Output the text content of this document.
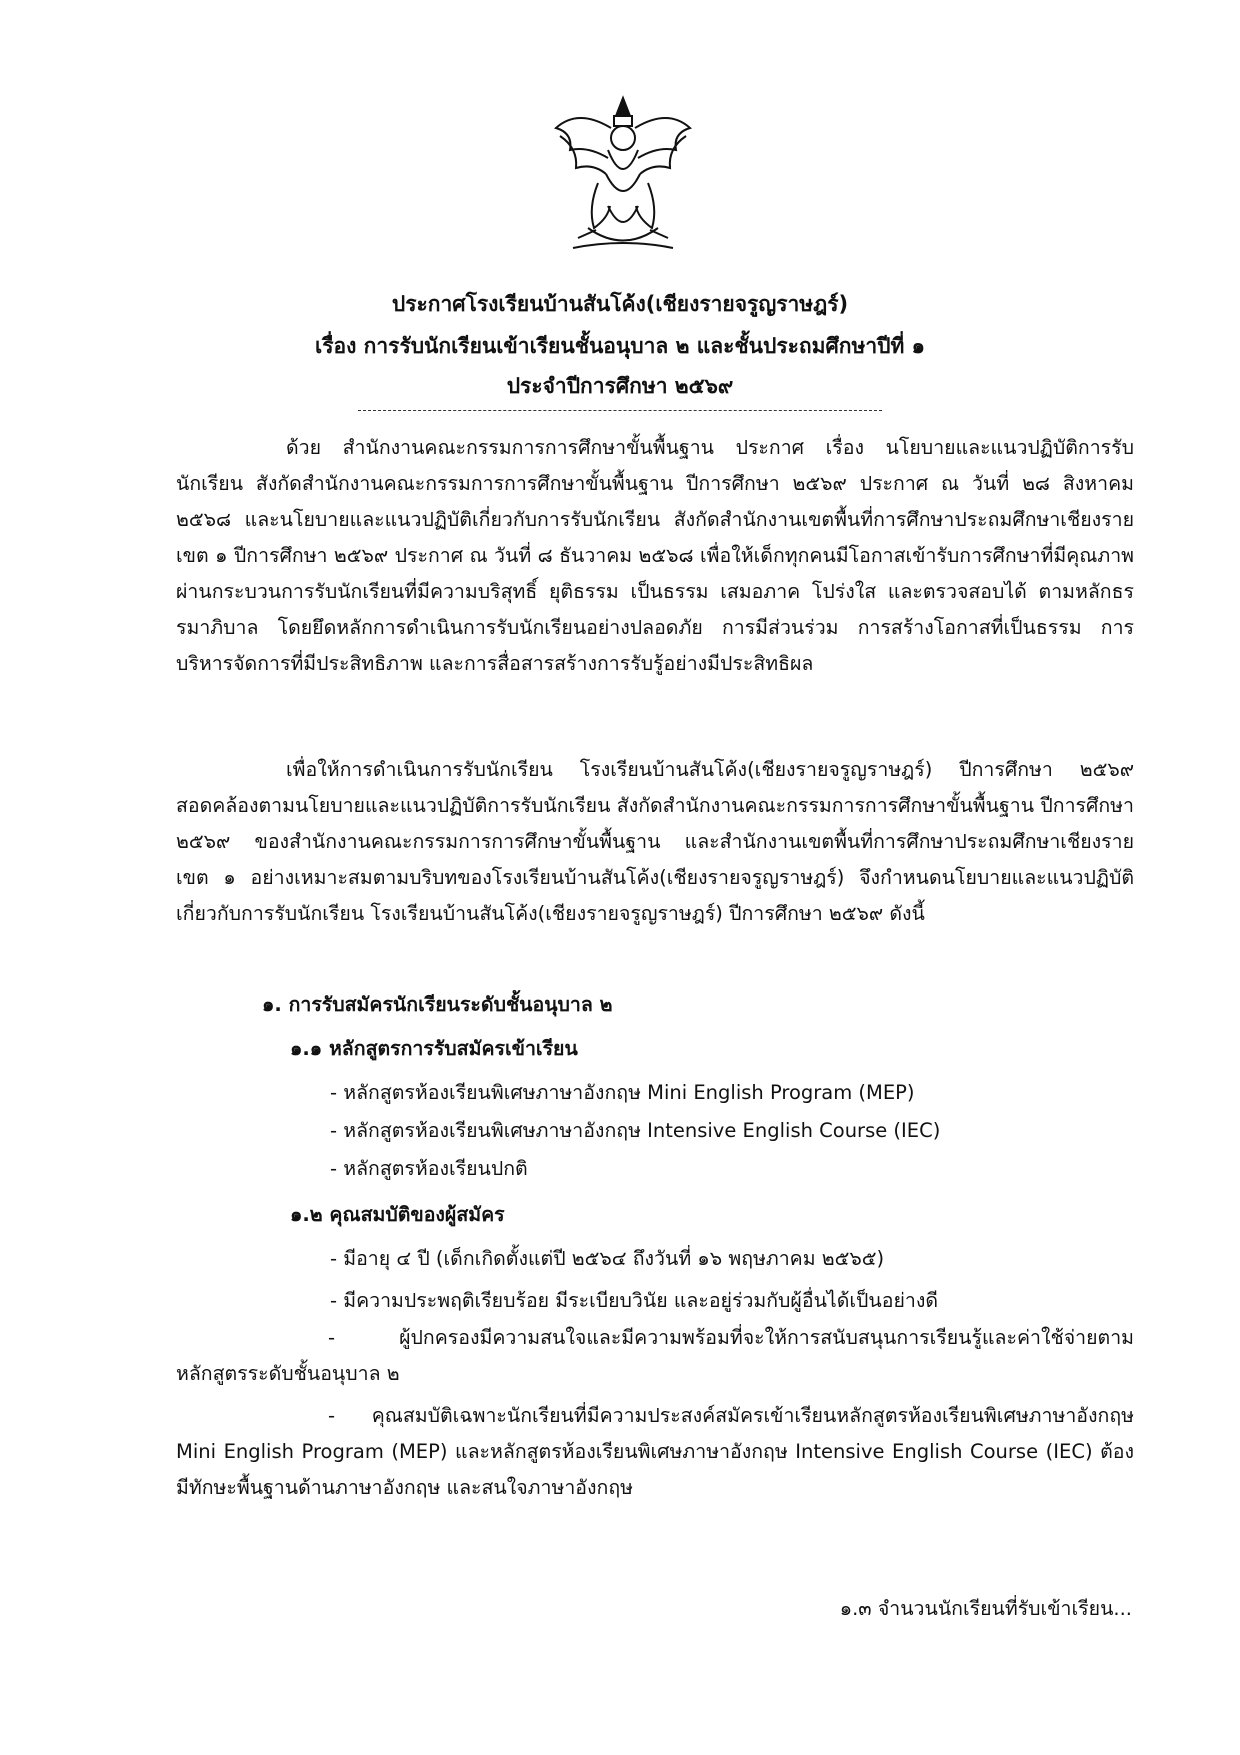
ประกาศโรงเรียนบ้านสันโค้ง(เชียงรายจรูญราษฎร์)
เรื่อง การรับนักเรียนเข้าเรียนชั้นอนุบาล ๒ และชั้นประถมศึกษาปีที่ ๑
ประจำปีการศึกษา ๒๕๖๙
ด้วย สำนักงานคณะกรรมการการศึกษาขั้นพื้นฐาน ประกาศ เรื่อง นโยบายและแนวปฏิบัติการรับนักเรียน สังกัดสำนักงานคณะกรรมการการศึกษาขั้นพื้นฐาน ปีการศึกษา ๒๕๖๙ ประกาศ ณ วันที่ ๒๘ สิงหาคม ๒๕๖๘ และนโยบายและแนวปฏิบัติเกี่ยวกับการรับนักเรียน สังกัดสำนักงานเขตพื้นที่การศึกษาประถมศึกษาเชียงราย เขต ๑ ปีการศึกษา ๒๕๖๙ ประกาศ ณ วันที่ ๘ ธันวาคม ๒๕๖๘ เพื่อให้เด็กทุกคนมีโอกาสเข้ารับการศึกษาที่มีคุณภาพ ผ่านกระบวนการรับนักเรียนที่มีความบริสุทธิ์ ยุติธรรม เป็นธรรม เสมอภาค โปร่งใส และตรวจสอบได้ ตามหลักธรรมาภิบาล โดยยึดหลักการดำเนินการรับนักเรียนอย่างปลอดภัย การมีส่วนร่วม การสร้างโอกาสที่เป็นธรรม การบริหารจัดการที่มีประสิทธิภาพ และการสื่อสารสร้างการรับรู้อย่างมีประสิทธิผล
เพื่อให้การดำเนินการรับนักเรียน โรงเรียนบ้านสันโค้ง(เชียงรายจรูญราษฎร์) ปีการศึกษา ๒๕๖๙ สอดคล้องตามนโยบายและแนวปฏิบัติการรับนักเรียน สังกัดสำนักงานคณะกรรมการการศึกษาขั้นพื้นฐาน ปีการศึกษา ๒๕๖๙ ของสำนักงานคณะกรรมการการศึกษาขั้นพื้นฐาน และสำนักงานเขตพื้นที่การศึกษาประถมศึกษาเชียงราย เขต ๑ อย่างเหมาะสมตามบริบทของโรงเรียนบ้านสันโค้ง(เชียงรายจรูญราษฎร์) จึงกำหนดนโยบายและแนวปฏิบัติเกี่ยวกับการรับนักเรียน โรงเรียนบ้านสันโค้ง(เชียงรายจรูญราษฎร์) ปีการศึกษา ๒๕๖๙ ดังนี้
๑. การรับสมัครนักเรียนระดับชั้นอนุบาล ๒
๑.๑ หลักสูตรการรับสมัครเข้าเรียน
- หลักสูตรห้องเรียนพิเศษภาษาอังกฤษ Mini English Program (MEP)
- หลักสูตรห้องเรียนพิเศษภาษาอังกฤษ Intensive English Course (IEC)
- หลักสูตรห้องเรียนปกติ
๑.๒ คุณสมบัติของผู้สมัคร
- มีอายุ ๔ ปี (เด็กเกิดตั้งแต่ปี ๒๕๖๔ ถึงวันที่ ๑๖ พฤษภาคม ๒๕๖๕)
- มีความประพฤติเรียบร้อย มีระเบียบวินัย และอยู่ร่วมกับผู้อื่นได้เป็นอย่างดี
- ผู้ปกครองมีความสนใจและมีความพร้อมที่จะให้การสนับสนุนการเรียนรู้และค่าใช้จ่ายตามหลักสูตรระดับชั้นอนุบาล ๒
- คุณสมบัติเฉพาะนักเรียนที่มีความประสงค์สมัครเข้าเรียนหลักสูตรห้องเรียนพิเศษภาษาอังกฤษ Mini English Program (MEP) และหลักสูตรห้องเรียนพิเศษภาษาอังกฤษ Intensive English Course (IEC) ต้องมีทักษะพื้นฐานด้านภาษาอังกฤษ และสนใจภาษาอังกฤษ
๑.๓ จำนวนนักเรียนที่รับเข้าเรียน...
